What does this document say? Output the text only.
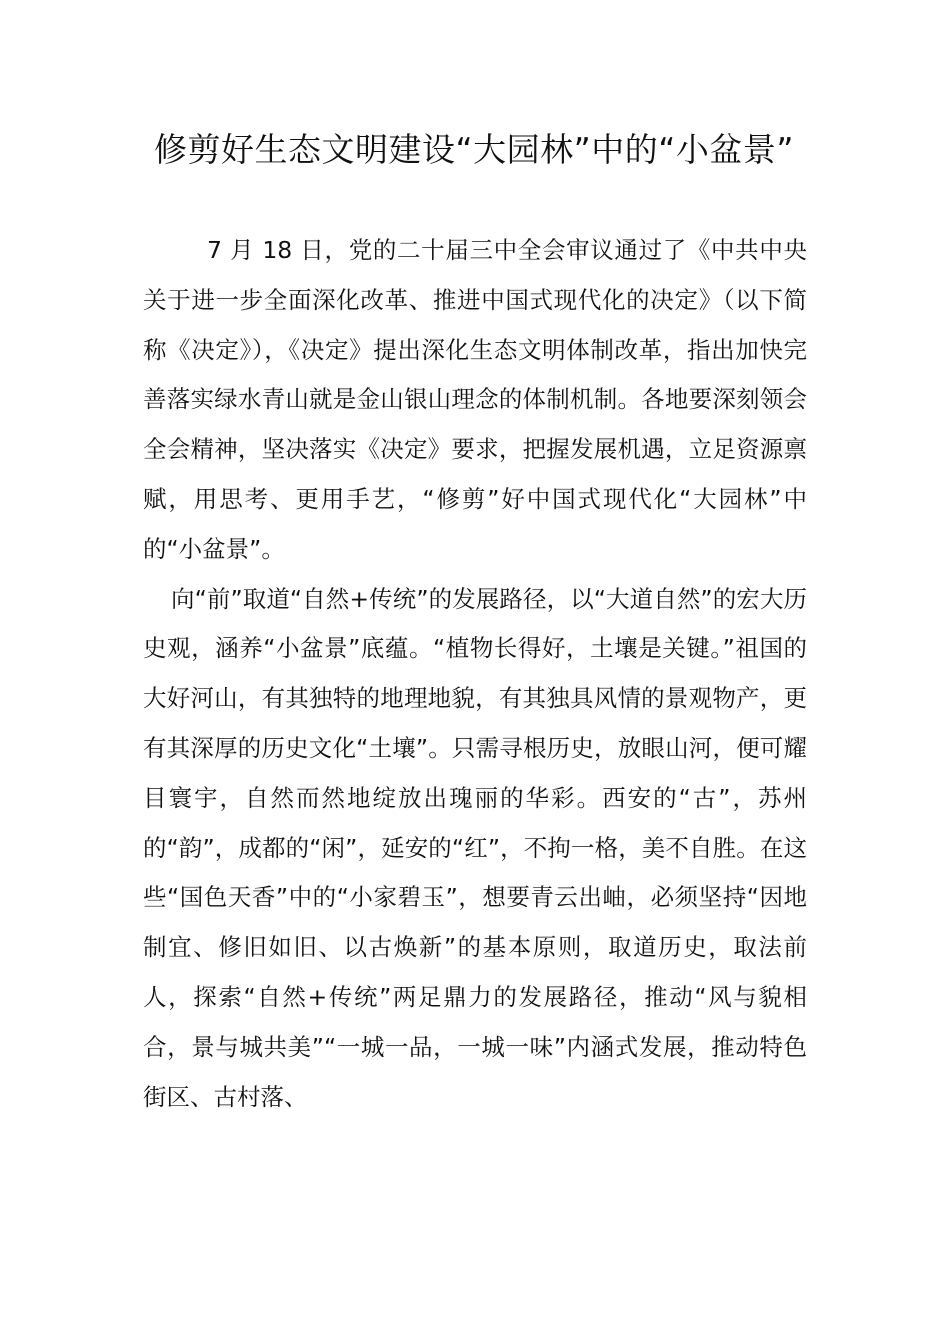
修剪好生态文明建设“大园林”中的“小盆景”

7 月 18 日，党的二十届三中全会审议通过了《中共中央关于进一步全面深化改革、推进中国式现代化的决定》（以下简称《决定》），《决定》提出深化生态文明体制改革，指出加快完善落实绿水青山就是金山银山理念的体制机制。各地要深刻领会全会精神，坚决落实《决定》要求，把握发展机遇，立足资源禀赋，用思考、更用手艺，“修剪”好中国式现代化“大园林”中的“小盆景”。

向“前”取道“自然+传统”的发展路径，以“大道自然”的宏大历史观，涵养“小盆景”底蕴。“植物长得好，土壤是关键。”祖国的大好河山，有其独特的地理地貌，有其独具风情的景观物产，更有其深厚的历史文化“土壤”。只需寻根历史，放眼山河，便可耀目寰宇，自然而然地绽放出瑰丽的华彩。西安的“古”，苏州的“韵”，成都的“闲”，延安的“红”，不拘一格，美不自胜。在这些“国色天香”中的“小家碧玉”，想要青云出岫，必须坚持“因地制宜、修旧如旧、以古焕新”的基本原则，取道历史，取法前人，探索“自然+传统”两足鼎力的发展路径，推动“风与貌相合，景与城共美”“一城一品，一城一味”内涵式发展，推动特色街区、古村落、
